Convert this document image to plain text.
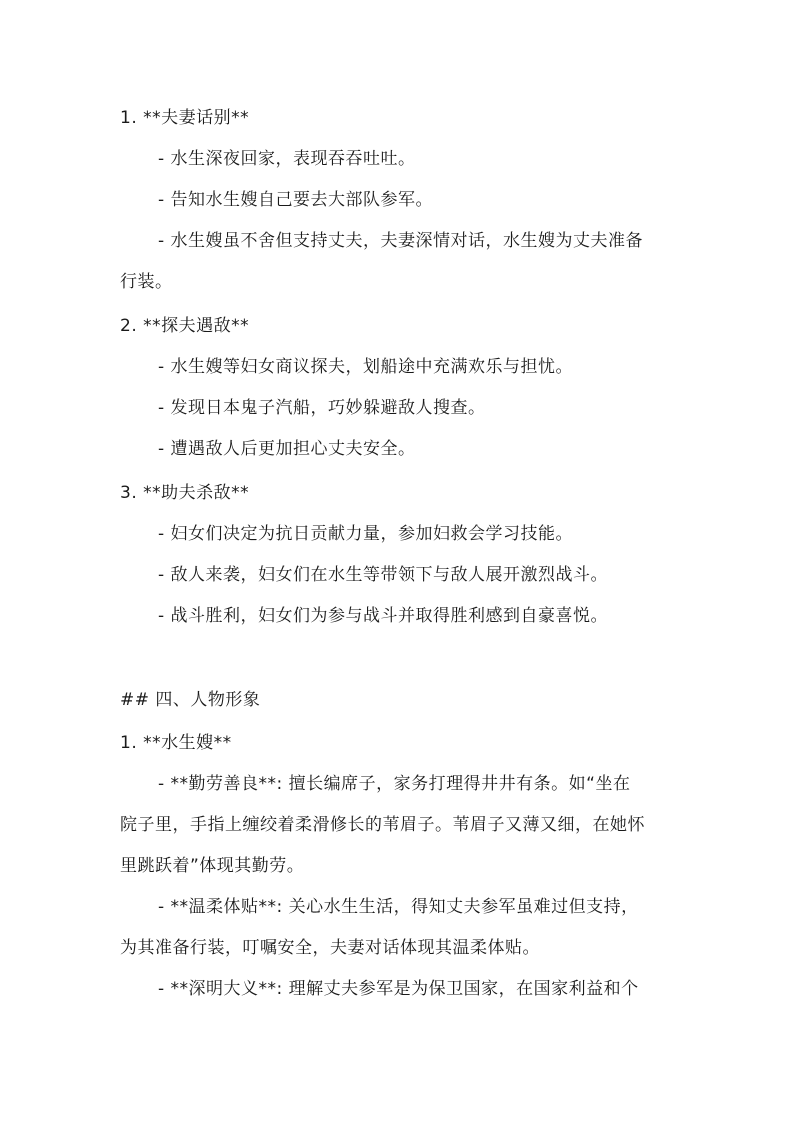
1. **夫妻话别**
- 水生深夜回家，表现吞吞吐吐。
- 告知水生嫂自己要去大部队参军。
- 水生嫂虽不舍但支持丈夫，夫妻深情对话，水生嫂为丈夫准备
行装。
2. **探夫遇敌**
- 水生嫂等妇女商议探夫，划船途中充满欢乐与担忧。
- 发现日本鬼子汽船，巧妙躲避敌人搜查。
- 遭遇敌人后更加担心丈夫安全。
3. **助夫杀敌**
- 妇女们决定为抗日贡献力量，参加妇救会学习技能。
- 敌人来袭，妇女们在水生等带领下与敌人展开激烈战斗。
- 战斗胜利，妇女们为参与战斗并取得胜利感到自豪喜悦。
## 四、人物形象
1. **水生嫂**
- **勤劳善良**: 擅长编席子，家务打理得井井有条。如“坐在
院子里，手指上缠绞着柔滑修长的苇眉子。苇眉子又薄又细，在她怀
里跳跃着”体现其勤劳。
- **温柔体贴**: 关心水生生活，得知丈夫参军虽难过但支持，
为其准备行装，叮嘱安全，夫妻对话体现其温柔体贴。
- **深明大义**: 理解丈夫参军是为保卫国家，在国家利益和个
